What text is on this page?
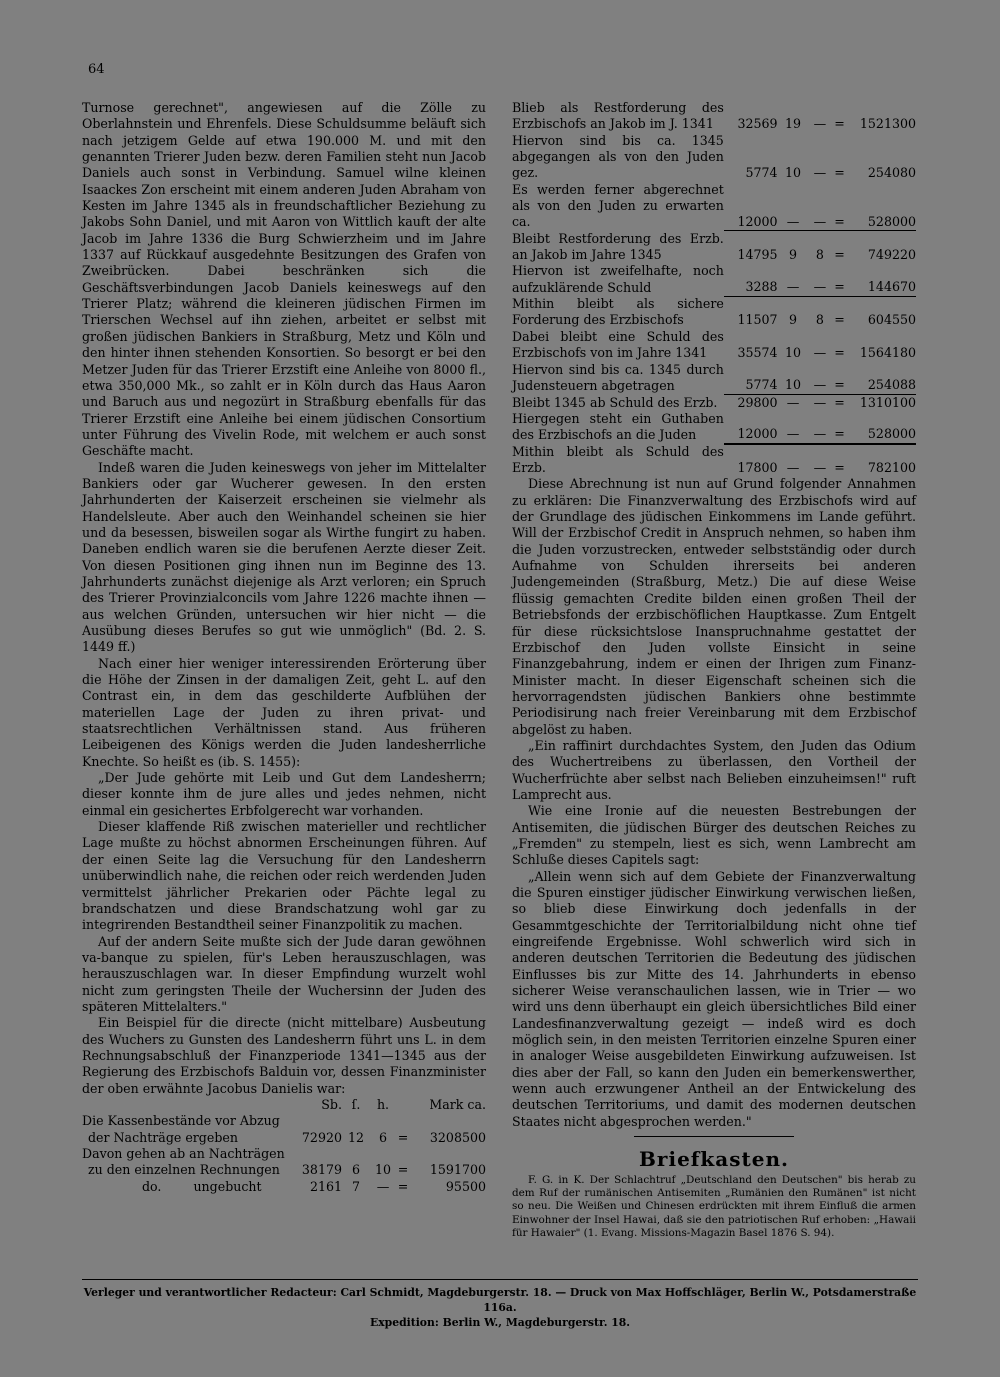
64

Turnose gerechnet", angewiesen auf die Zölle zu Oberlahnstein und Ehrenfels. Diese Schuldsumme beläuft sich nach jetzigem Gelde auf etwa 190.000 M. und mit den genannten Trierer Juden bezw. deren Familien steht nun Jacob Daniels auch sonst in Verbindung. Samuel wilne kleinen Isaackes Zon erscheint mit einem anderen Juden Abraham von Kesten im Jahre 1345 als in freundschaftlicher Beziehung zu Jakobs Sohn Daniel, und mit Aaron von Wittlich kauft der alte Jacob im Jahre 1336 die Burg Schwierzheim und im Jahre 1337 auf Rückkauf ausgedehnte Besitzungen des Grafen von Zweibrücken. Dabei beschränken sich die Geschäftsverbindungen Jacob Daniels keineswegs auf den Trierer Platz; während die kleineren jüdischen Firmen im Trierschen Wechsel auf ihn ziehen, arbeitet er selbst mit großen jüdischen Bankiers in Straßburg, Metz und Köln und den hinter ihnen stehenden Konsortien. So besorgt er bei den Metzer Juden für das Trierer Erzstift eine Anleihe von 8000 fl., etwa 350,000 Mk., so zahlt er in Köln durch das Haus Aaron und Baruch aus und negozürt in Straßburg ebenfalls für das Trierer Erzstift eine Anleihe bei einem jüdischen Consortium unter Führung des Vivelin Rode, mit welchem er auch sonst Geschäfte macht.

Indeß waren die Juden keineswegs von jeher im Mittelalter Bankiers oder gar Wucherer gewesen. In den ersten Jahrhunderten der Kaiserzeit erscheinen sie vielmehr als Handelsleute. Aber auch den Weinhandel scheinen sie hier und da besessen, bisweilen sogar als Wirthe fungirt zu haben. Daneben endlich waren sie die berufenen Aerzte dieser Zeit. Von diesen Positionen ging ihnen nun im Beginne des 13. Jahrhunderts zunächst diejenige als Arzt verloren; ein Spruch des Trierer Provinzialconcils vom Jahre 1226 machte ihnen — aus welchen Gründen, untersuchen wir hier nicht — die Ausübung dieses Berufes so gut wie unmöglich" (Bd. 2. S. 1449 ff.)

Nach einer hier weniger interessirenden Erörterung über die Höhe der Zinsen in der damaligen Zeit, geht L. auf den Contrast ein, in dem das geschilderte Aufblühen der materiellen Lage der Juden zu ihren privat- und staatsrechtlichen Verhältnissen stand. Aus früheren Leibeigenen des Königs werden die Juden landesherrliche Knechte. So heißt es (ib. S. 1455):

„Der Jude gehörte mit Leib und Gut dem Landesherrn; dieser konnte ihm de jure alles und jedes nehmen, nicht einmal ein gesichertes Erbfolgerecht war vorhanden.

Dieser klaffende Riß zwischen materieller und rechtlicher Lage mußte zu höchst abnormen Erscheinungen führen. Auf der einen Seite lag die Versuchung für den Landesherrn unüberwindlich nahe, die reichen oder reich werdenden Juden vermittelst jährlicher Prekarien oder Pächte legal zu brandschatzen und diese Brandschatzung wohl gar zu integrirenden Bestandtheil seiner Finanzpolitik zu machen.

Auf der andern Seite mußte sich der Jude daran gewöhnen va-banque zu spielen, für's Leben herauszuschlagen, was herauszuschlagen war. In dieser Empfindung wurzelt wohl nicht zum geringsten Theile der Wuchersinn der Juden des späteren Mittelalters."

Ein Beispiel für die directe (nicht mittelbare) Ausbeutung des Wuchers zu Gunsten des Landesherrn führt uns L. in dem Rechnungsabschluß der Finanzperiode 1341—1345 aus der Regierung des Erzbischofs Balduin vor, dessen Finanzminister der oben erwähnte Jacobus Danielis war:

	Sb.	ſ.	h.		Mark ca.
Die Kassenbestände vor Abzug					
der Nachträge ergeben	72920	12	6	=	3208500
Davon gehen ab an Nachträgen					
zu den einzelnen Rechnungen	38179	6	10	=	1591700
do.        ungebucht	2161	7	—	=	95500
Blieb als Restforderung des Erzbischofs an Jakob im J. 1341	32569	19	—	=	1521300
Hiervon sind bis ca. 1345 abgegangen als von den Juden gez.	5774	10	—	=	254080
Es werden ferner abgerechnet als von den Juden zu erwarten ca.	12000	—	—	=	528000
Bleibt Restforderung des Erzb. an Jakob im Jahre 1345	14795	9	8	=	749220
Hiervon ist zweifelhafte, noch aufzuklärende Schuld	3288	—	—	=	144670
Mithin bleibt als sichere Forderung des Erzbischofs	11507	9	8	=	604550
Dabei bleibt eine Schuld des Erzbischofs von im Jahre 1341	35574	10	—	=	1564180
Hiervon sind bis ca. 1345 durch Judensteuern abgetragen	5774	10	—	=	254088
Bleibt 1345 ab Schuld des Erzb.	29800	—	—	=	1310100
Hiergegen steht ein Guthaben des Erzbischofs an die Juden	12000	—	—	=	528000
Mithin bleibt als Schuld des Erzb.	17800	—	—	=	782100

Diese Abrechnung ist nun auf Grund folgender Annahmen zu erklären: Die Finanzverwaltung des Erzbischofs wird auf der Grundlage des jüdischen Einkommens im Lande geführt. Will der Erzbischof Credit in Anspruch nehmen, so haben ihm die Juden vorzustrecken, entweder selbstständig oder durch Aufnahme von Schulden ihrerseits bei anderen Judengemeinden (Straßburg, Metz.) Die auf diese Weise flüssig gemachten Credite bilden einen großen Theil der Betriebsfonds der erzbischöflichen Hauptkasse. Zum Entgelt für diese rücksichtslose Inanspruchnahme gestattet der Erzbischof den Juden vollste Einsicht in seine Finanzgebahrung, indem er einen der Ihrigen zum Finanz-Minister macht. In dieser Eigenschaft scheinen sich die hervorragendsten jüdischen Bankiers ohne bestimmte Periodisirung nach freier Vereinbarung mit dem Erzbischof abgelöst zu haben.

„Ein raffinirt durchdachtes System, den Juden das Odium des Wuchertreibens zu überlassen, den Vortheil der Wucherfrüchte aber selbst nach Belieben einzuheimsen!" ruft Lamprecht aus.

Wie eine Ironie auf die neuesten Bestrebungen der Antisemiten, die jüdischen Bürger des deutschen Reiches zu „Fremden" zu stempeln, liest es sich, wenn Lambrecht am Schluße dieses Capitels sagt:

„Allein wenn sich auf dem Gebiete der Finanzverwaltung die Spuren einstiger jüdischer Einwirkung verwischen ließen, so blieb diese Einwirkung doch jedenfalls in der Gesammtgeschichte der Territorialbildung nicht ohne tief eingreifende Ergebnisse. Wohl schwerlich wird sich in anderen deutschen Territorien die Bedeutung des jüdischen Einflusses bis zur Mitte des 14. Jahrhunderts in ebenso sicherer Weise veranschaulichen lassen, wie in Trier — wo wird uns denn überhaupt ein gleich übersichtliches Bild einer Landesfinanzverwaltung gezeigt — indeß wird es doch möglich sein, in den meisten Territorien einzelne Spuren einer in analoger Weise ausgebildeten Einwirkung aufzuweisen. Ist dies aber der Fall, so kann den Juden ein bemerkenswerther, wenn auch erzwungener Antheil an der Entwickelung des deutschen Territoriums, und damit des modernen deutschen Staates nicht abgesprochen werden."

Briefkasten.

F. G. in K. Der Schlachtruf „Deutschland den Deutschen" bis herab zu dem Ruf der rumänischen Antisemiten „Rumänien den Rumänen" ist nicht so neu. Die Weißen und Chinesen erdrückten mit ihrem Einfluß die armen Einwohner der Insel Hawai, daß sie den patriotischen Ruf erhoben: „Hawaii für Hawaier" (1. Evang. Missions-Magazin Basel 1876 S. 94).

Verleger und verantwortlicher Redacteur: Carl Schmidt, Magdeburgerstr. 18. — Druck von Max Hoffschläger, Berlin W., Potsdamerstraße 116a.
Expedition: Berlin W., Magdeburgerstr. 18.
